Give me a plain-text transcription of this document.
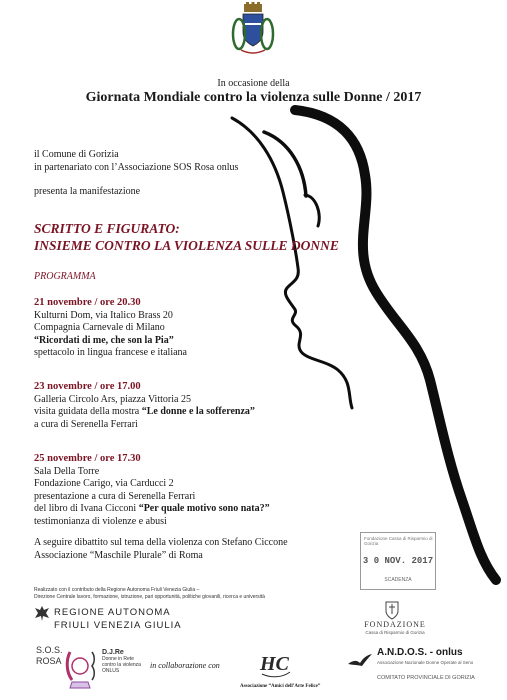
In occasione della
Giornata Mondiale contro la violenza sulle Donne / 2017
il Comune di Gorizia
in partenariato con l’Associazione SOS Rosa onlus
presenta la manifestazione
SCRITTO E FIGURATO:
INSIEME CONTRO LA VIOLENZA SULLE DONNE
PROGRAMMA
21 novembre / ore 20.30
Kulturni Dom, via Italico Brass 20
Compagnia Carnevale di Milano
“Ricordati di me, che son la Pia”
spettacolo in lingua francese e italiana
23 novembre / ore 17.00
Galleria Circolo Ars, piazza Vittoria 25
visita guidata della mostra “Le donne e la sofferenza”
a cura di Serenella Ferrari
25 novembre / ore 17.30
Sala Della Torre
Fondazione Carigo, via Carducci 2
presentazione a cura di Serenella Ferrari
del libro di Ivana Cicconi “Per quale motivo sono nata?”
testimonianza di violenze e abusi
A seguire dibattito sul tema della violenza con Stefano Ciccone
Associazione “Maschile Plurale” di Roma
Fondazione Cassa di Risparmio di Gorizia
3 0 NOV. 2017
SCADENZA
Realizzato con il contributo della Regione Autonoma Friuli Venezia Giulia –
Direzione Centrale lavoro, formazione, istruzione, pari opportunità, politiche giovanili, ricerca e università
REGIONE AUTONOMA
FRIULI VENEZIA GIULIA	FONDAZIONE
Cassa di Risparmio di Gorizia
S.O.S.
ROSA
D.J.Re
Donne in Rete
contro la violenza
ONLUS
in collaborazione con HC
Associazione “Amici dell’Arte Felice”
A.N.D.O.S. - onlus
Associazione Nazionale Donne Operate al Seno
COMITATO PROVINCIALE DI GORIZIA
